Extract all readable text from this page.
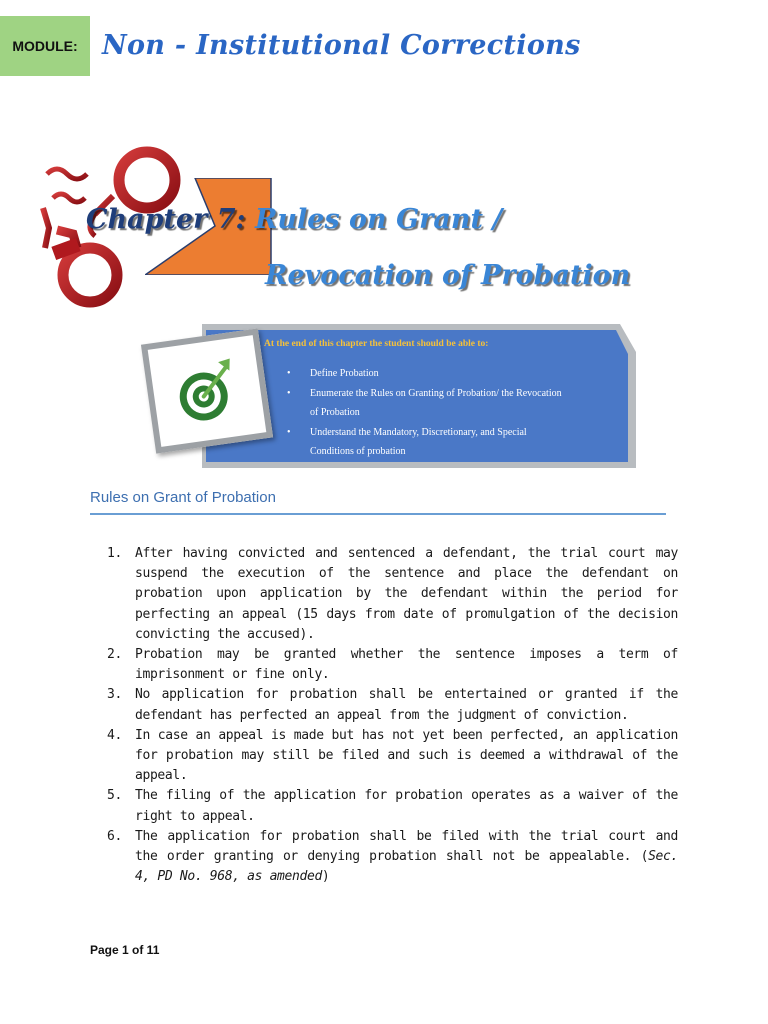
MODULE: Non - Institutional Corrections
Chapter 7: Rules on Grant /
Revocation of Probation
At the end of this chapter the student should be able to:
• Define Probation
• Enumerate the Rules on Granting of Probation/ the Revocation
of Probation
• Understand the Mandatory, Discretionary, and Special
Conditions of probation
Rules on Grant of Probation
1. After having convicted and sentenced a defendant, the trial court may suspend the execution of the sentence and place the defendant on probation upon application by the defendant within the period for perfecting an appeal (15 days from date of promulgation of the decision convicting the accused).
2. Probation may be granted whether the sentence imposes a term of imprisonment or fine only.
3. No application for probation shall be entertained or granted if the defendant has perfected an appeal from the judgment of conviction.
4. In case an appeal is made but has not yet been perfected, an application for probation may still be filed and such is deemed a withdrawal of the appeal.
5. The filing of the application for probation operates as a waiver of the right to appeal.
6. The application for probation shall be filed with the trial court and the order granting or denying probation shall not be appealable. (Sec. 4, PD No. 968, as amended)
Page 1 of 11
